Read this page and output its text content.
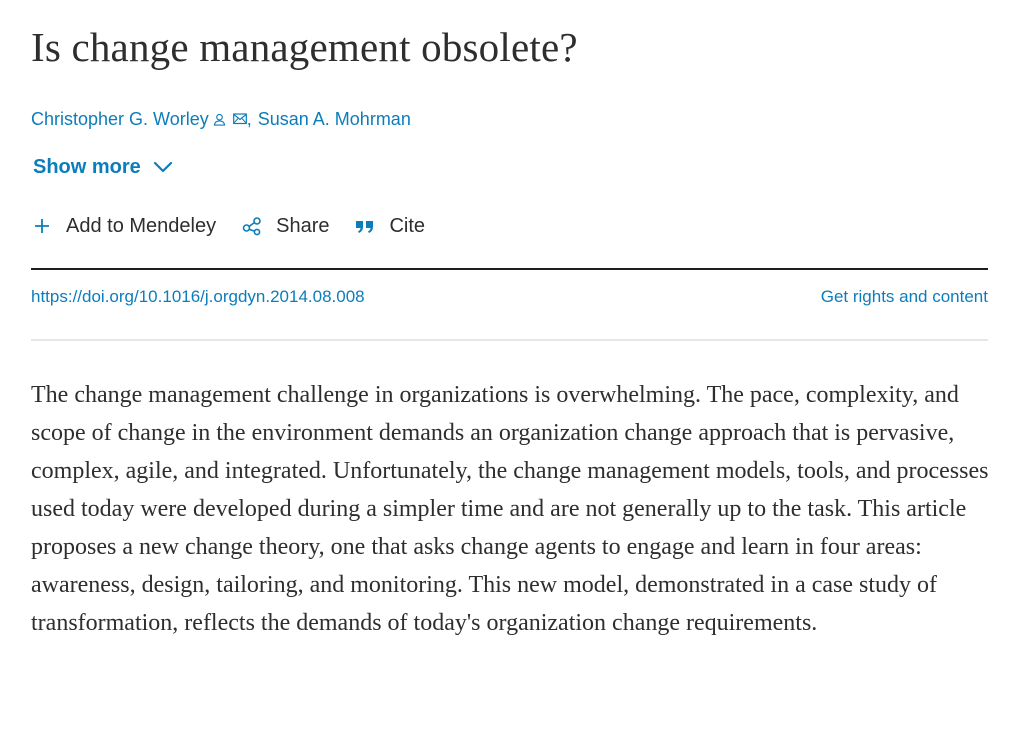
Is change management obsolete?
Christopher G. Worley , Susan A. Mohrman
Show more
Add to Mendeley	Share	Cite
https://doi.org/10.1016/j.orgdyn.2014.08.008	Get rights and content

The change management challenge in organizations is overwhelming. The pace, complexity, and scope of change in the environment demands an organization change approach that is pervasive, complex, agile, and integrated. Unfortunately, the change management models, tools, and processes used today were developed during a simpler time and are not generally up to the task. This article proposes a new change theory, one that asks change agents to engage and learn in four areas: awareness, design, tailoring, and monitoring. This new model, demonstrated in a case study of transformation, reflects the demands of today's organization change requirements.
